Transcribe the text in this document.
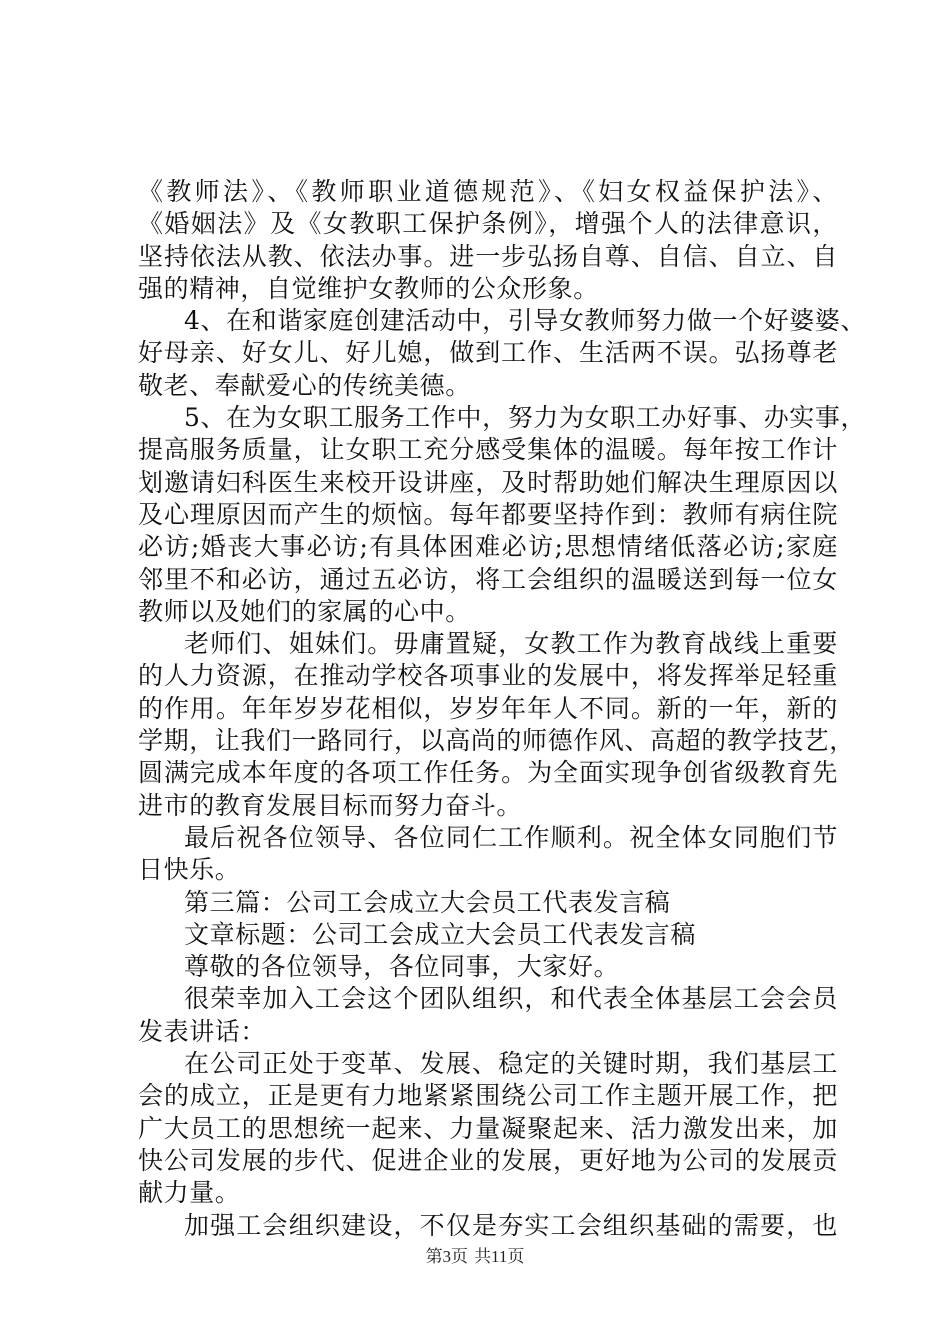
《教师法》、《教师职业道德规范》、《妇女权益保护法》、
《婚姻法》及《女教职工保护条例》，增强个人的法律意识，
坚持依法从教、依法办事。进一步弘扬自尊、自信、自立、自
强的精神，自觉维护女教师的公众形象。
4、在和谐家庭创建活动中，引导女教师努力做一个好婆婆、
好母亲、好女儿、好儿媳，做到工作、生活两不误。弘扬尊老
敬老、奉献爱心的传统美德。
5、在为女职工服务工作中，努力为女职工办好事、办实事，
提高服务质量，让女职工充分感受集体的温暖。每年按工作计
划邀请妇科医生来校开设讲座，及时帮助她们解决生理原因以
及心理原因而产生的烦恼。每年都要坚持作到：教师有病住院
必访;婚丧大事必访;有具体困难必访;思想情绪低落必访;家庭
邻里不和必访，通过五必访，将工会组织的温暖送到每一位女
教师以及她们的家属的心中。
老师们、姐妹们。毋庸置疑，女教工作为教育战线上重要
的人力资源，在推动学校各项事业的发展中，将发挥举足轻重
的作用。年年岁岁花相似，岁岁年年人不同。新的一年，新的
学期，让我们一路同行，以高尚的师德作风、高超的教学技艺，
圆满完成本年度的各项工作任务。为全面实现争创省级教育先
进市的教育发展目标而努力奋斗。
最后祝各位领导、各位同仁工作顺利。祝全体女同胞们节
日快乐。
第三篇：公司工会成立大会员工代表发言稿
文章标题：公司工会成立大会员工代表发言稿
尊敬的各位领导，各位同事，大家好。
很荣幸加入工会这个团队组织，和代表全体基层工会会员
发表讲话：
在公司正处于变革、发展、稳定的关键时期，我们基层工
会的成立，正是更有力地紧紧围绕公司工作主题开展工作，把
广大员工的思想统一起来、力量凝聚起来、活力激发出来，加
快公司发展的步代、促进企业的发展，更好地为公司的发展贡
献力量。
加强工会组织建设，不仅是夯实工会组织基础的需要，也
第3页 共11页
